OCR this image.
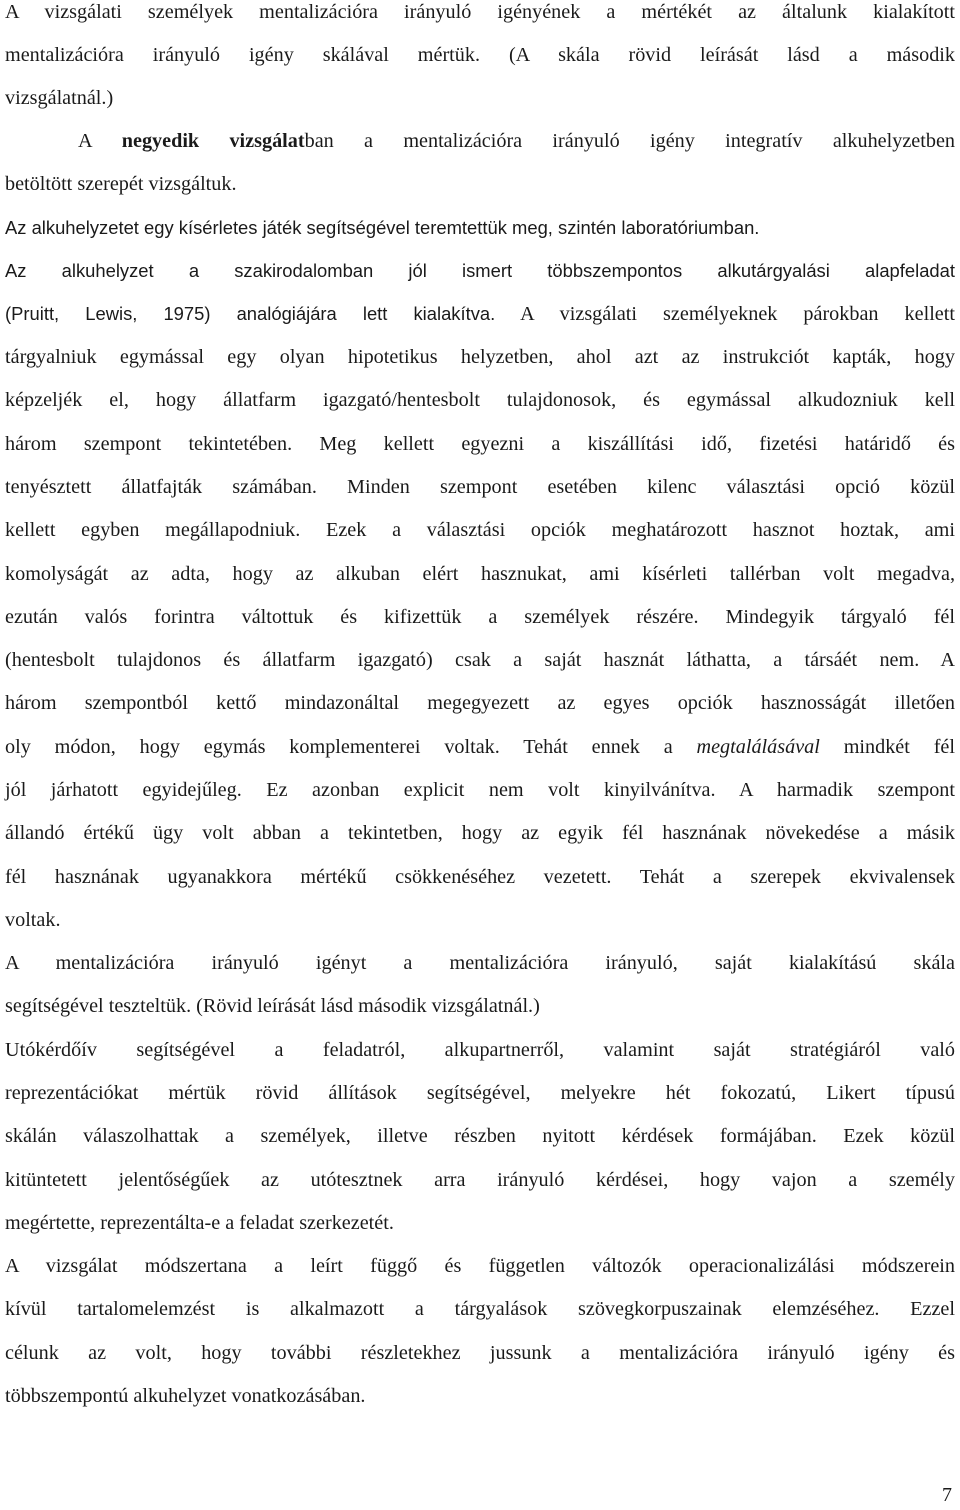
A vizsgálati személyek mentalizációra irányuló igényének a mértékét az általunk kialakított
mentalizációra irányuló igény skálával mértük. (A skála rövid leírását lásd a második
vizsgálatnál.)
A negyedik vizsgálatban a mentalizációra irányuló igény integratív alkuhelyzetben
betöltött szerepét vizsgáltuk.
Az alkuhelyzetet egy kísérletes játék segítségével teremtettük meg, szintén laboratóriumban.
Az alkuhelyzet a szakirodalomban jól ismert többszempontos alkutárgyalási alapfeladat
(Pruitt, Lewis, 1975) analógiájára lett kialakítva. A vizsgálati személyeknek párokban kellett
tárgyalniuk egymással egy olyan hipotetikus helyzetben, ahol azt az instrukciót kapták, hogy
képzeljék el, hogy állatfarm igazgató/hentesbolt tulajdonosok, és egymással alkudozniuk kell
három szempont tekintetében. Meg kellett egyezni a kiszállítási idő, fizetési határidő és
tenyésztett állatfajták számában. Minden szempont esetében kilenc választási opció közül
kellett egyben megállapodniuk. Ezek a választási opciók meghatározott hasznot hoztak, ami
komolyságát az adta, hogy az alkuban elért hasznukat, ami kísérleti tallérban volt megadva,
ezután valós forintra váltottuk és kifizettük a személyek részére. Mindegyik tárgyaló fél
(hentesbolt tulajdonos és állatfarm igazgató) csak a saját hasznát láthatta, a társáét nem. A
három szempontból kettő mindazonáltal megegyezett az egyes opciók hasznosságát illetően
oly módon, hogy egymás komplementerei voltak. Tehát ennek a megtalálásával mindkét fél
jól járhatott egyidejűleg. Ez azonban explicit nem volt kinyilvánítva. A harmadik szempont
állandó értékű ügy volt abban a tekintetben, hogy az egyik fél hasznának növekedése a másik
fél hasznának ugyanakkora mértékű csökkenéséhez vezetett. Tehát a szerepek ekvivalensek
voltak.
A mentalizációra irányuló igényt a mentalizációra irányuló, saját kialakítású skála
segítségével teszteltük. (Rövid leírását lásd második vizsgálatnál.)
Utókérdőív segítségével a feladatról, alkupartnerről, valamint saját stratégiáról való
reprezentációkat mértük rövid állítások segítségével, melyekre hét fokozatú, Likert típusú
skálán válaszolhattak a személyek, illetve részben nyitott kérdések formájában. Ezek közül
kitüntetett jelentőségűek az utótesztnek arra irányuló kérdései, hogy vajon a személy
megértette, reprezentálta-e a feladat szerkezetét.
A vizsgálat módszertana a leírt függő és független változók operacionalizálási módszerein
kívül tartalomelemzést is alkalmazott a tárgyalások szövegkorpuszainak elemzéséhez. Ezzel
célunk az volt, hogy további részletekhez jussunk a mentalizációra irányuló igény és
többszempontú alkuhelyzet vonatkozásában.
7
